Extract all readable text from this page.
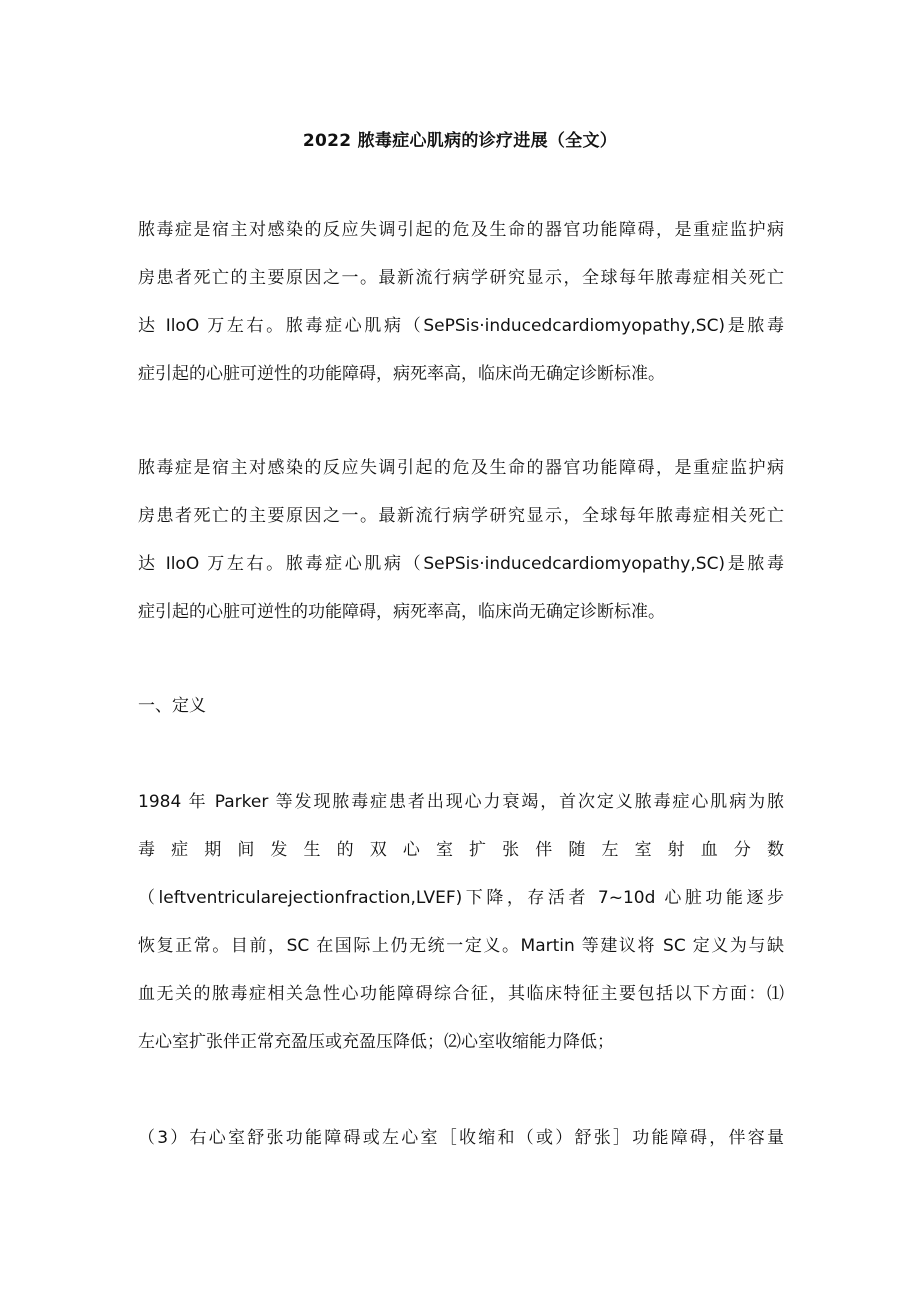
2022 脓毒症心肌病的诊疗进展（全文）
脓毒症是宿主对感染的反应失调引起的危及生命的器官功能障碍，是重症监护病
房患者死亡的主要原因之一。最新流行病学研究显示，全球每年脓毒症相关死亡
达 IloO 万左右。脓毒症心肌病（SePSis·inducedcardiomyopathy,SC)是脓毒
症引起的心脏可逆性的功能障碍，病死率高，临床尚无确定诊断标准。
脓毒症是宿主对感染的反应失调引起的危及生命的器官功能障碍，是重症监护病
房患者死亡的主要原因之一。最新流行病学研究显示，全球每年脓毒症相关死亡
达 IloO 万左右。脓毒症心肌病（SePSis·inducedcardiomyopathy,SC)是脓毒
症引起的心脏可逆性的功能障碍，病死率高，临床尚无确定诊断标准。
一、定义
1984 年 Parker 等发现脓毒症患者出现心力衰竭，首次定义脓毒症心肌病为脓
毒 症 期 间 发 生 的 双 心 室 扩 张 伴 随 左 室 射 血 分 数
（leftventricularejectionfraction,LVEF)下降，存活者 7~10d 心脏功能逐步
恢复正常。目前，SC 在国际上仍无统一定义。Martin 等建议将 SC 定义为与缺
血无关的脓毒症相关急性心功能障碍综合征，其临床特征主要包括以下方面：⑴
左心室扩张伴正常充盈压或充盈压降低；⑵心室收缩能力降低；
（3）右心室舒张功能障碍或左心室［收缩和（或）舒张］功能障碍，伴容量
